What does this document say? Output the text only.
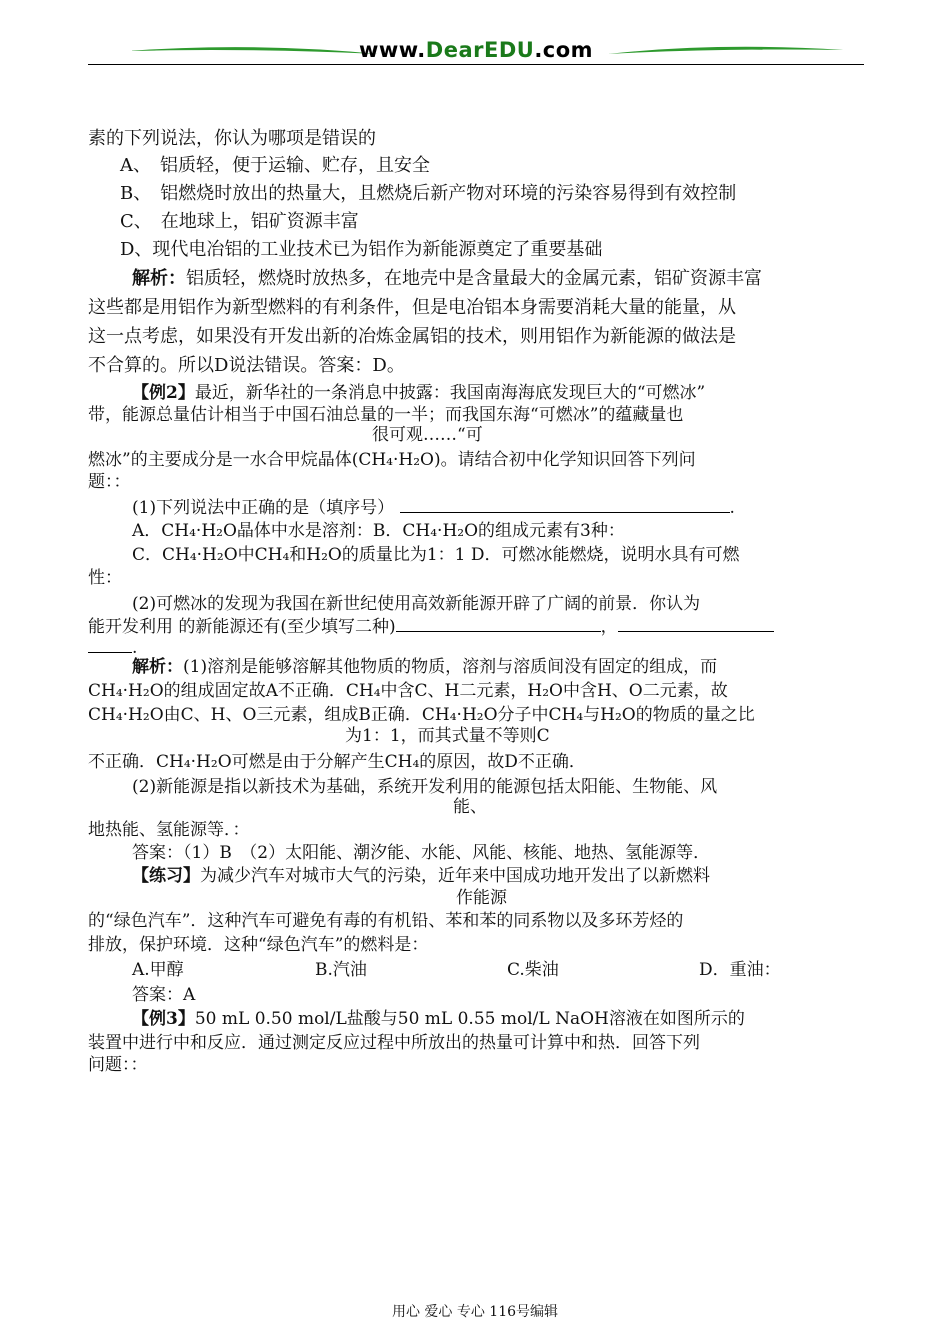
www.DearEDU.com
素的下列说法，你认为哪项是错误的
A、　铝质轻，便于运输、贮存，且安全
B、　铝燃烧时放出的热量大，且燃烧后新产物对环境的污染容易得到有效控制
C、　在地球上，铝矿资源丰富
D、现代电冶铝的工业技术已为铝作为新能源奠定了重要基础
解析：铝质轻，燃烧时放热多，在地壳中是含量最大的金属元素，铝矿资源丰富
这些都是用铝作为新型燃料的有利条件，但是电冶铝本身需要消耗大量的能量，从
这一点考虑，如果没有开发出新的冶炼金属铝的技术，则用铝作为新能源的做法是
不合算的。所以D说法错误。答案：D。
【例2】最近，新华社的一条消息中披露：我国南海海底发现巨大的“可燃冰”
带，能源总量估计相当于中国石油总量的一半；而我国东海“可燃冰”的蕴藏量也
很可观……“可
燃冰”的主要成分是一水合甲烷晶体(CH₄·H₂O)。请结合初中化学知识回答下列问
题：：
(1)下列说法中正确的是（填序号）	.
A．CH₄·H₂O晶体中水是溶剂：B．CH₄·H₂O的组成元素有3种：
C．CH₄·H₂O中CH₄和H₂O的质量比为1：1 D．可燃冰能燃烧，说明水具有可燃
性：
(2)可燃冰的发现为我国在新世纪使用高效新能源开辟了广阔的前景．你认为
能开发利用 的新能源还有(至少填写二种)	，
.
解析：(1)溶剂是能够溶解其他物质的物质，溶剂与溶质间没有固定的组成，而
CH₄·H₂O的组成固定故A不正确．CH₄中含C、H二元素，H₂O中含H、O二元素，故
CH₄·H₂O由C、H、O三元素，组成B正确．CH₄·H₂O分子中CH₄与H₂O的物质的量之比
为1：1，而其式量不等则C
不正确．CH₄·H₂O可燃是由于分解产生CH₄的原因，故D不正确．
(2)新能源是指以新技术为基础，系统开发利用的能源包括太阳能、生物能、风
能、
地热能、氢能源等．：
答案：（1）B　（2）太阳能、潮汐能、水能、风能、核能、地热、氢能源等．
【练习】为减少汽车对城市大气的污染，近年来中国成功地开发出了以新燃料
作能源
的“绿色汽车”．这种汽车可避免有毒的有机铅、苯和苯的同系物以及多环芳烃的
排放，保护环境．这种“绿色汽车”的燃料是：
A.甲醇	B.汽油	C.柴油	D．重油：
答案：A
【例3】50 mL 0.50 mol/L盐酸与50 mL 0.55 mol/L NaOH溶液在如图所示的
装置中进行中和反应．通过测定反应过程中所放出的热量可计算中和热．回答下列
问题：：
用心 爱心 专心 116号编辑
